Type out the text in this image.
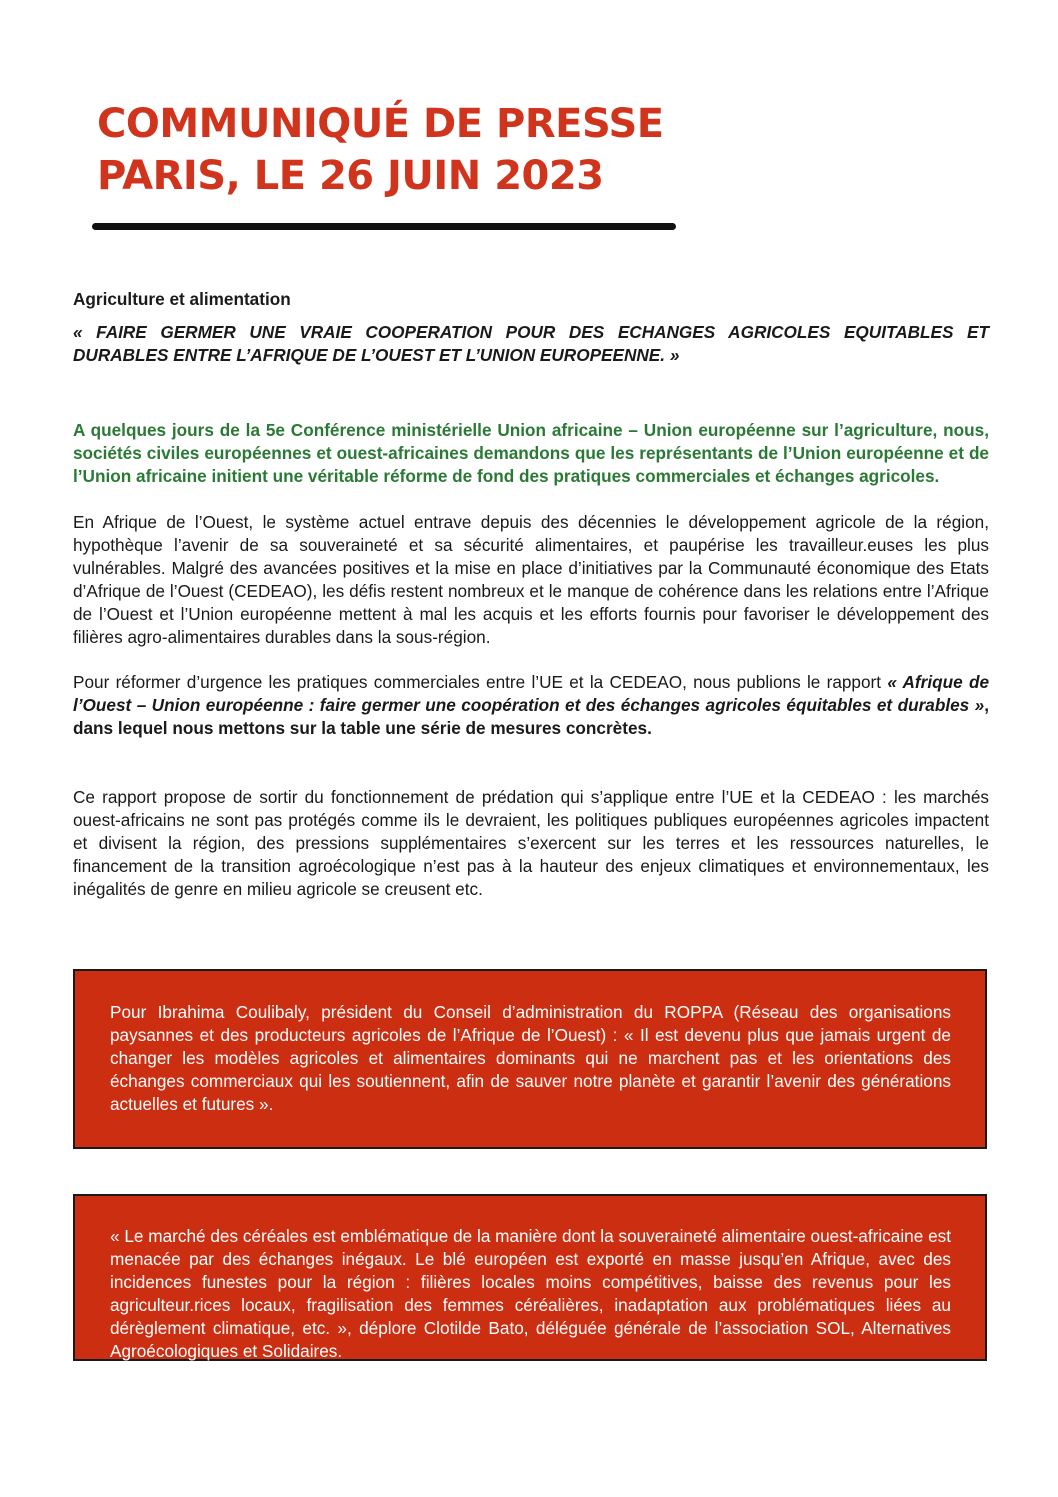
COMMUNIQUÉ DE PRESSE
PARIS, LE 26 JUIN 2023

Agriculture et alimentation

« FAIRE GERMER UNE VRAIE COOPERATION POUR DES ECHANGES AGRICOLES EQUITABLES ET DURABLES ENTRE L’AFRIQUE DE L’OUEST ET L’UNION EUROPEENNE. »

A quelques jours de la 5e Conférence ministérielle Union africaine – Union européenne sur l’agriculture, nous, sociétés civiles européennes et ouest-africaines demandons que les représentants de l’Union européenne et de l’Union africaine initient une véritable réforme de fond des pratiques commerciales et échanges agricoles.

En Afrique de l’Ouest, le système actuel entrave depuis des décennies le développement agricole de la région, hypothèque l’avenir de sa souveraineté et sa sécurité alimentaires, et paupérise les travailleur.euses les plus vulnérables. Malgré des avancées positives et la mise en place d’initiatives par la Communauté économique des Etats d’Afrique de l’Ouest (CEDEAO), les défis restent nombreux et le manque de cohérence dans les relations entre l’Afrique de l’Ouest et l’Union européenne mettent à mal les acquis et les efforts fournis pour favoriser le développement des filières agro-alimentaires durables dans la sous-région.

Pour réformer d’urgence les pratiques commerciales entre l’UE et la CEDEAO, nous publions le rapport « Afrique de l’Ouest – Union européenne : faire germer une coopération et des échanges agricoles équitables et durables », dans lequel nous mettons sur la table une série de mesures concrètes.

Ce rapport propose de sortir du fonctionnement de prédation qui s’applique entre l’UE et la CEDEAO : les marchés ouest-africains ne sont pas protégés comme ils le devraient, les politiques publiques européennes agricoles impactent et divisent la région, des pressions supplémentaires s’exercent sur les terres et les ressources naturelles, le financement de la transition agroécologique n’est pas à la hauteur des enjeux climatiques et environnementaux, les inégalités de genre en milieu agricole se creusent etc.

Pour Ibrahima Coulibaly, président du Conseil d’administration du ROPPA (Réseau des organisations paysannes et des producteurs agricoles de l’Afrique de l’Ouest) : « Il est devenu plus que jamais urgent de changer les modèles agricoles et alimentaires dominants qui ne marchent pas et les orientations des échanges commerciaux qui les soutiennent, afin de sauver notre planète et garantir l’avenir des générations actuelles et futures ».

« Le marché des céréales est emblématique de la manière dont la souveraineté alimentaire ouest-africaine est menacée par des échanges inégaux. Le blé européen est exporté en masse jusqu’en Afrique, avec des incidences funestes pour la région : filières locales moins compétitives, baisse des revenus pour les agriculteur.rices locaux, fragilisation des femmes céréalières, inadaptation aux problématiques liées au dérèglement climatique, etc. », déplore Clotilde Bato, déléguée générale de l’association SOL, Alternatives Agroécologiques et Solidaires.
